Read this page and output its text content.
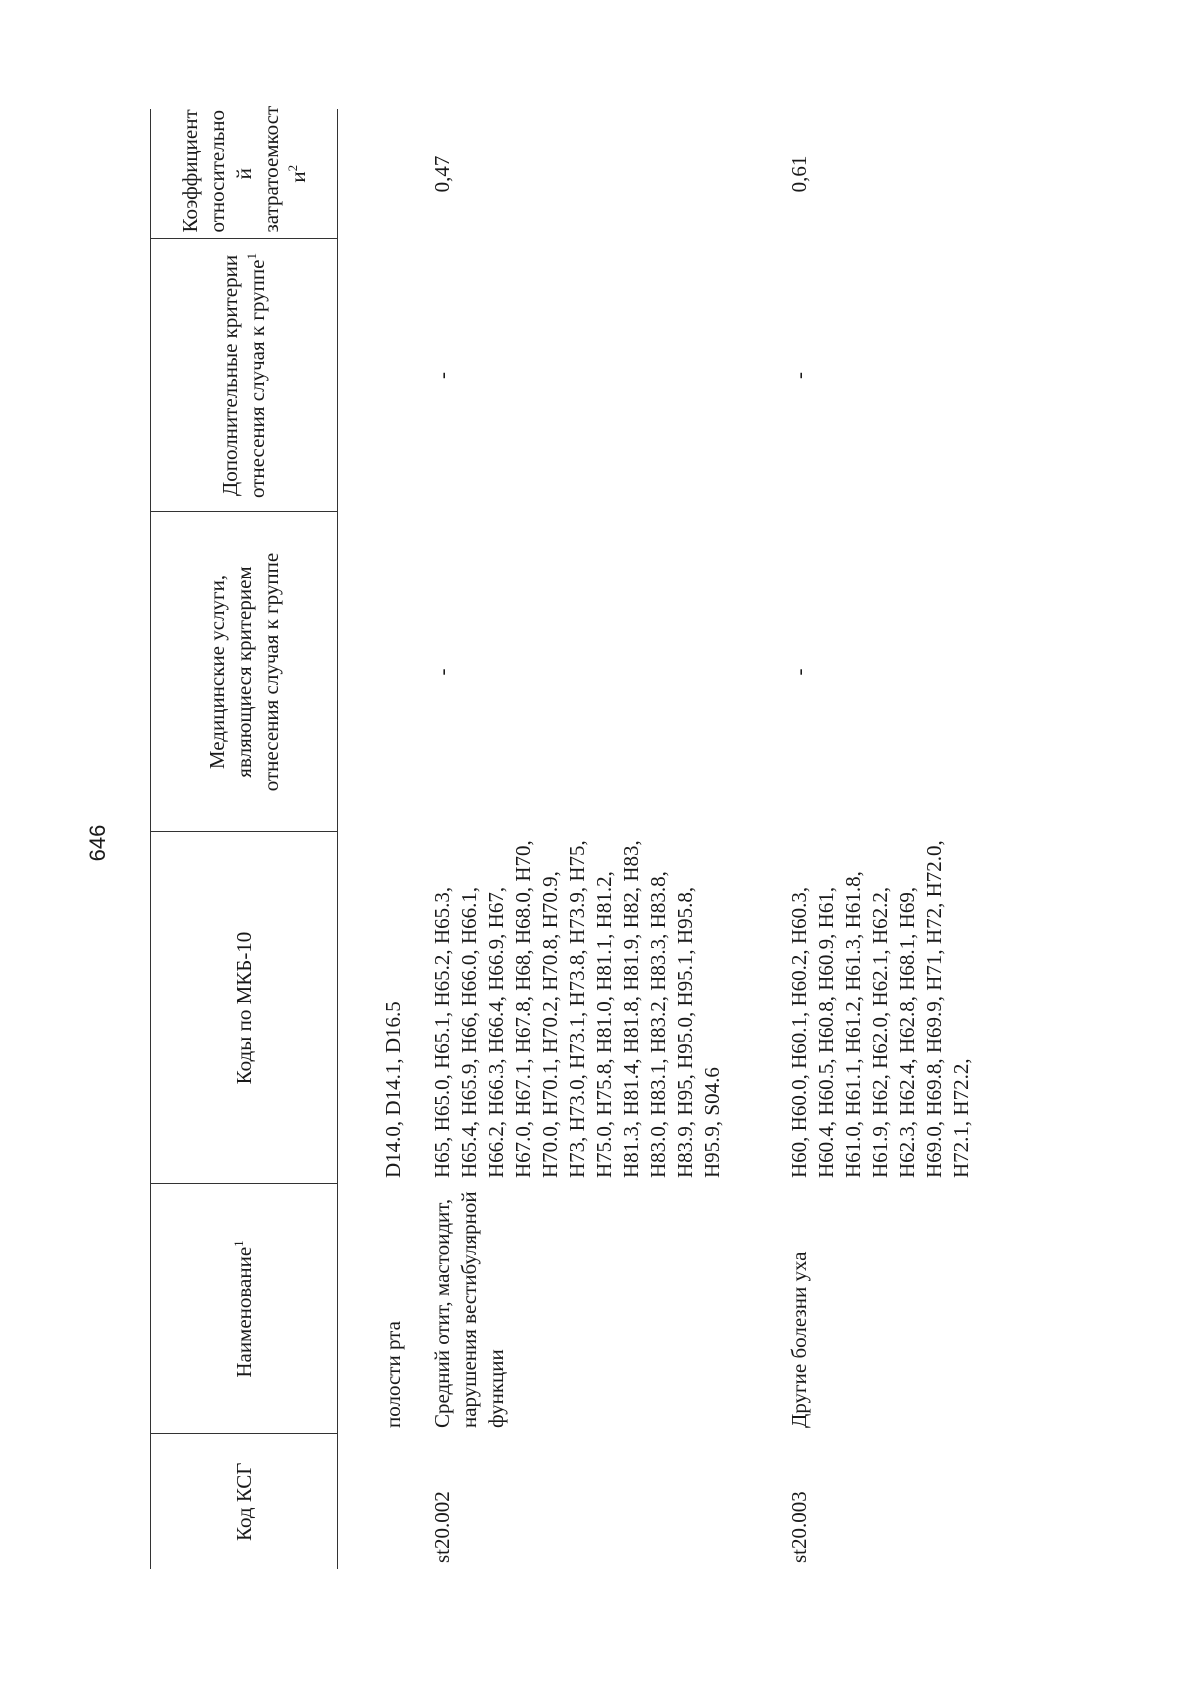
646
Код КСГ	Наименование$^1$	Коды по МКБ-10	Медицинские услуги, являющиеся критерием отнесения случая к группе	Дополнительные критерии отнесения случая к группе$^1$	Коэффициент относительно й затратоемкост $и^2$
	полости рта	D14.0, D14.1, D16.5			
st20.002	Средний отит, мастоидит, нарушения вестибулярной функции	H65, H65.0, H65.1, H65.2, H65.3, H65.4, H65.9, H66, H66.0, H66.1, H66.2, H66.3, H66.4, H66.9, H67, H67.0, H67.1, H67.8, H68, H68.0, H70, H70.0, H70.1, H70.2, H70.8, H70.9, H73, H73.0, H73.1, H73.8, H73.9, H75, H75.0, H75.8, H81.0, H81.1, H81.2, H81.3, H81.4, H81.8, H81.9, H82, H83, H83.0, H83.1, H83.2, H83.3, H83.8, H83.9, H95, H95.0, H95.1, H95.8, H95.9, S04.6	-	-	0,47
st20.003	Другие болезни уха	H60, H60.0, H60.1, H60.2, H60.3, H60.4, H60.5, H60.8, H60.9, H61, H61.0, H61.1, H61.2, H61.3, H61.8, H61.9, H62, H62.0, H62.1, H62.2, H62.3, H62.4, H62.8, H68.1, H69, H69.0, H69.8, H69.9, H71, H72, H72.0, H72.1, H72.2,	-	-	0,61
